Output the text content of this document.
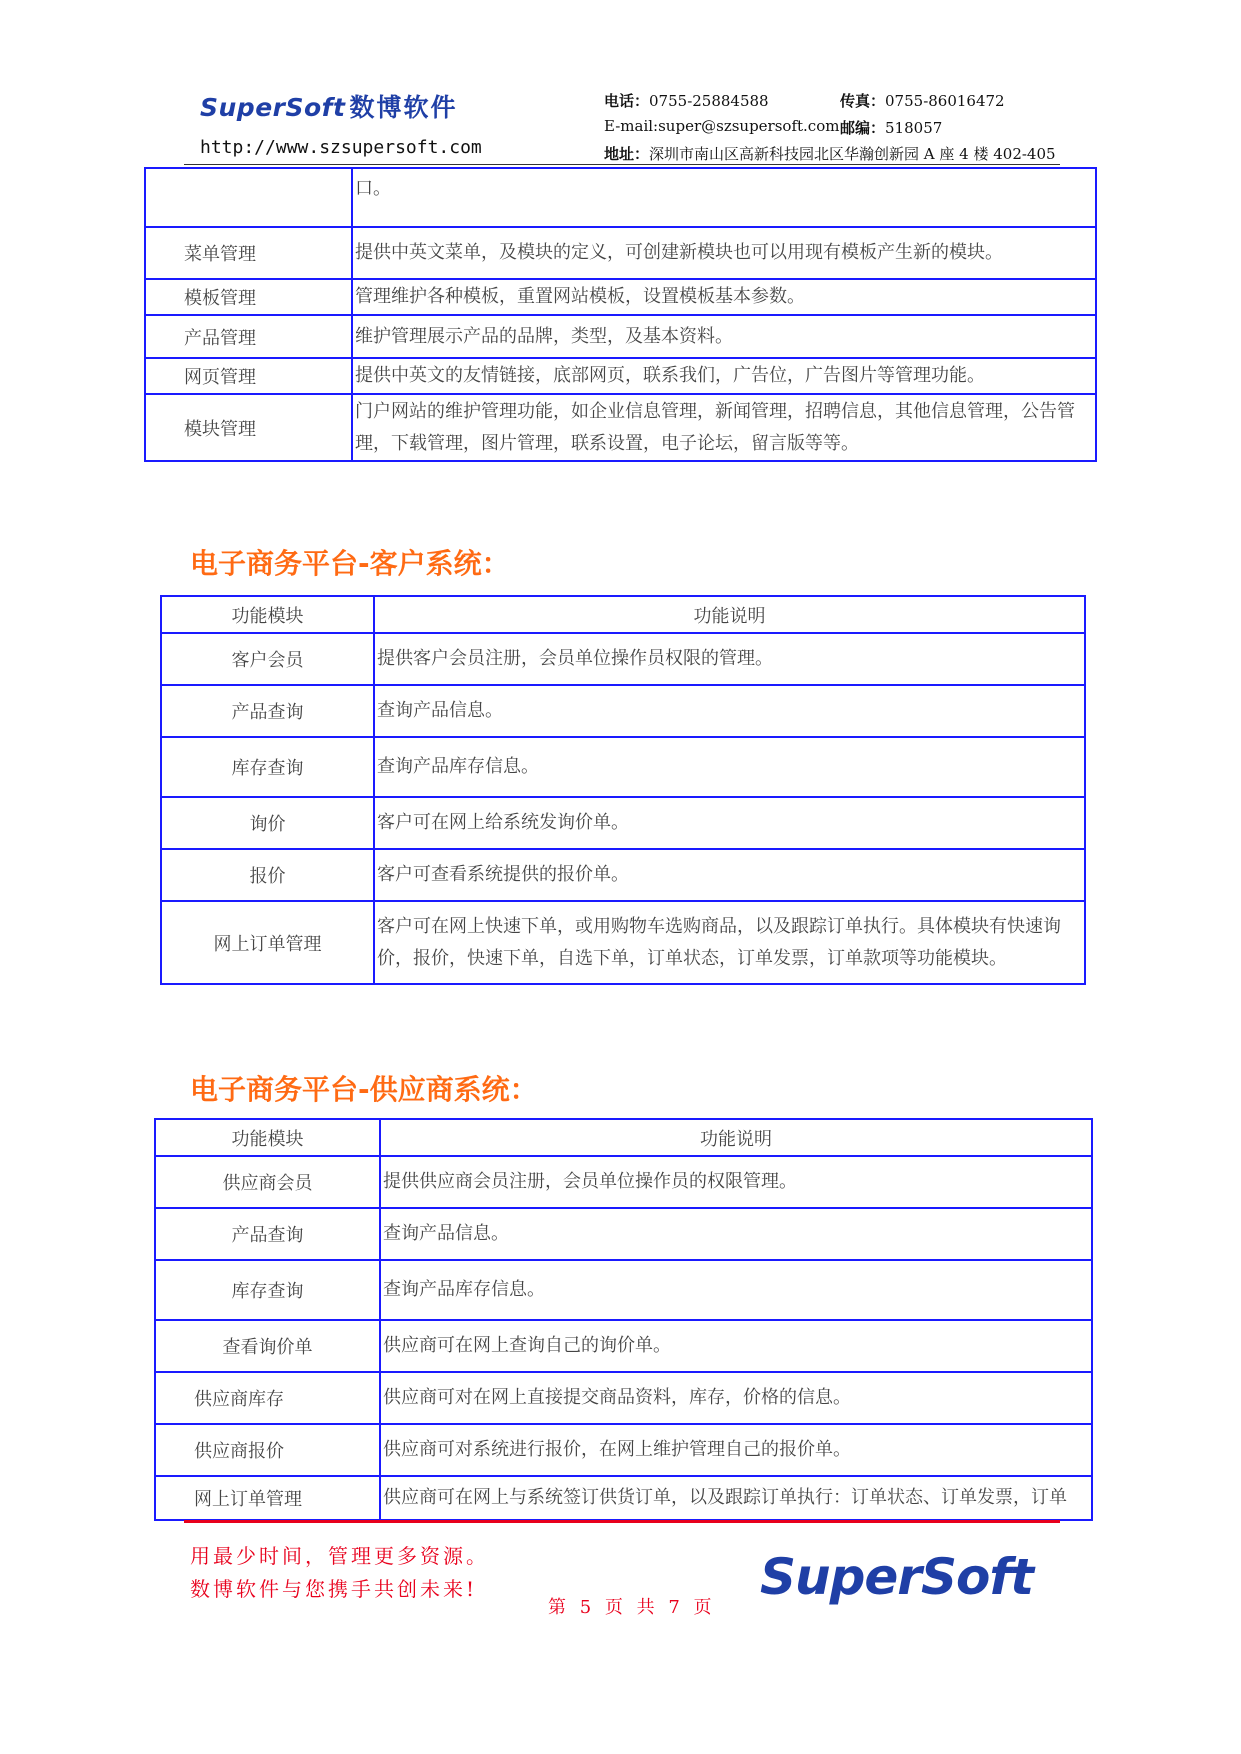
SuperSoft 数博软件
http://www.szsupersoft.com
电话：0755-25884588	传真：0755-86016472
E-mail:super@szsupersoft.com 邮编：518057
地址：深圳市南山区高新科技园北区华瀚创新园 A 座 4 楼 402-405
	口。
菜单管理	提供中英文菜单，及模块的定义，可创建新模块也可以用现有模板产生新的模块。
模板管理	管理维护各种模板，重置网站模板，设置模板基本参数。
产品管理	维护管理展示产品的品牌，类型，及基本资料。
网页管理	提供中英文的友情链接，底部网页，联系我们，广告位，广告图片等管理功能。
模块管理	门户网站的维护管理功能，如企业信息管理，新闻管理，招聘信息，其他信息管理，公告管理，下载管理，图片管理，联系设置，电子论坛，留言版等等。
电子商务平台-客户系统：
功能模块	功能说明
客户会员	提供客户会员注册，会员单位操作员权限的管理。
产品查询	查询产品信息。
库存查询	查询产品库存信息。
询价	客户可在网上给系统发询价单。
报价	客户可查看系统提供的报价单。
网上订单管理	客户可在网上快速下单，或用购物车选购商品，以及跟踪订单执行。具体模块有快速询价，报价，快速下单，自选下单，订单状态，订单发票，订单款项等功能模块。
电子商务平台-供应商系统：
功能模块	功能说明
供应商会员	提供供应商会员注册，会员单位操作员的权限管理。
产品查询	查询产品信息。
库存查询	查询产品库存信息。
查看询价单	供应商可在网上查询自己的询价单。
供应商库存	供应商可对在网上直接提交商品资料，库存，价格的信息。
供应商报价	供应商可对系统进行报价，在网上维护管理自己的报价单。
网上订单管理	供应商可在网上与系统签订供货订单，以及跟踪订单执行：订单状态、订单发票，订单
用最少时间，管理更多资源。
数博软件与您携手共创未来!
第 5 页 共 7 页
SuperSoft
